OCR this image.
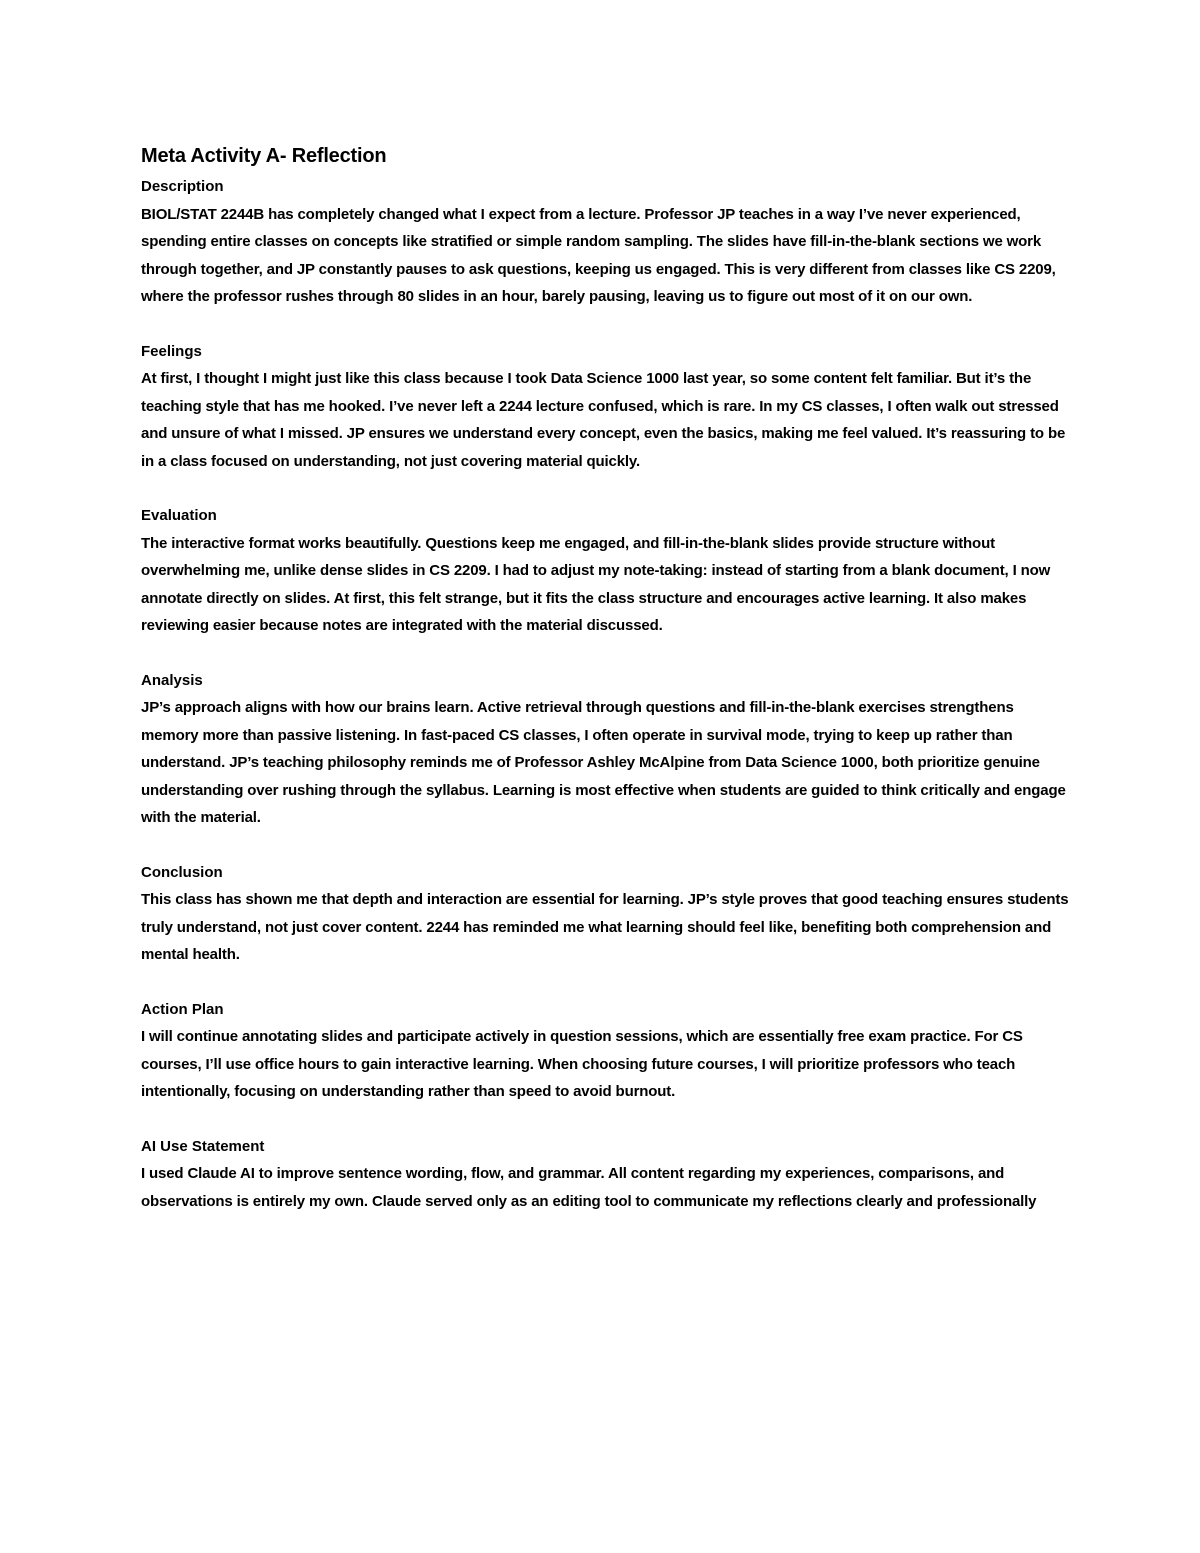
Meta Activity A- Reflection

Description

BIOL/STAT 2244B has completely changed what I expect from a lecture. Professor JP teaches in a way I’ve never experienced, spending entire classes on concepts like stratified or simple random sampling. The slides have fill-in-the-blank sections we work through together, and JP constantly pauses to ask questions, keeping us engaged. This is very different from classes like CS 2209, where the professor rushes through 80 slides in an hour, barely pausing, leaving us to figure out most of it on our own.

Feelings

At first, I thought I might just like this class because I took Data Science 1000 last year, so some content felt familiar. But it’s the teaching style that has me hooked. I’ve never left a 2244 lecture confused, which is rare. In my CS classes, I often walk out stressed and unsure of what I missed. JP ensures we understand every concept, even the basics, making me feel valued. It’s reassuring to be in a class focused on understanding, not just covering material quickly.

Evaluation

The interactive format works beautifully. Questions keep me engaged, and fill-in-the-blank slides provide structure without overwhelming me, unlike dense slides in CS 2209. I had to adjust my note-taking: instead of starting from a blank document, I now annotate directly on slides. At first, this felt strange, but it fits the class structure and encourages active learning. It also makes reviewing easier because notes are integrated with the material discussed.

Analysis

JP’s approach aligns with how our brains learn. Active retrieval through questions and fill-in-the-blank exercises strengthens memory more than passive listening. In fast-paced CS classes, I often operate in survival mode, trying to keep up rather than understand. JP’s teaching philosophy reminds me of Professor Ashley McAlpine from Data Science 1000, both prioritize genuine understanding over rushing through the syllabus. Learning is most effective when students are guided to think critically and engage with the material.

Conclusion

This class has shown me that depth and interaction are essential for learning. JP’s style proves that good teaching ensures students truly understand, not just cover content. 2244 has reminded me what learning should feel like, benefiting both comprehension and mental health.

Action Plan

I will continue annotating slides and participate actively in question sessions, which are essentially free exam practice. For CS courses, I’ll use office hours to gain interactive learning. When choosing future courses, I will prioritize professors who teach intentionally, focusing on understanding rather than speed to avoid burnout.

AI Use Statement

I used Claude AI to improve sentence wording, flow, and grammar. All content regarding my experiences, comparisons, and observations is entirely my own. Claude served only as an editing tool to communicate my reflections clearly and professionally
